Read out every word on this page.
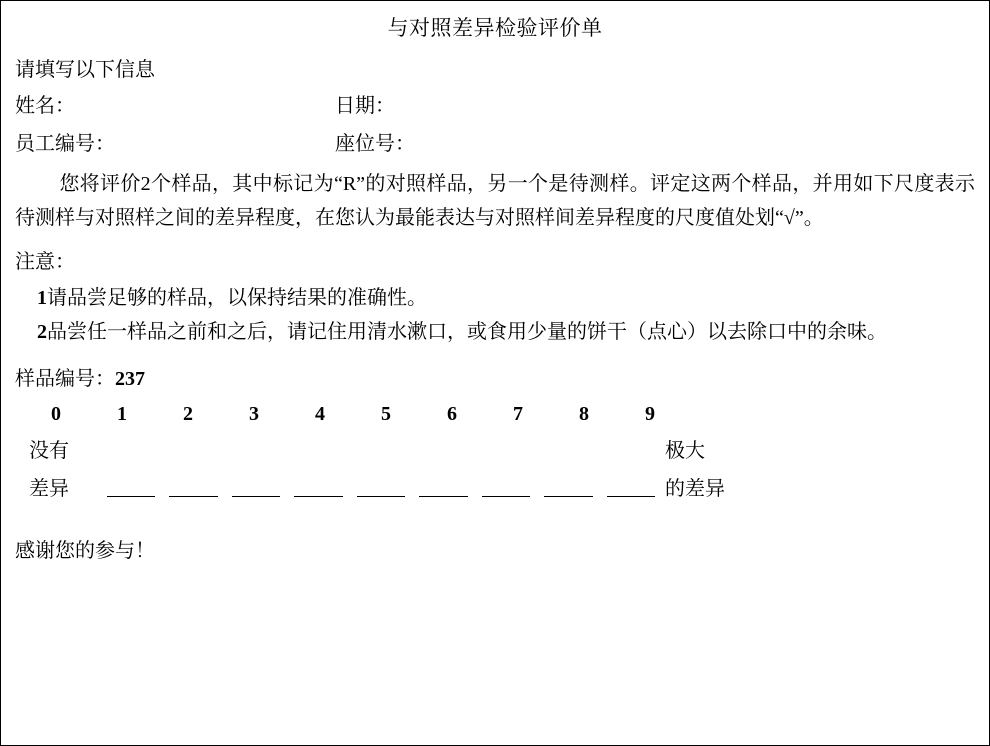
与对照差异检验评价单
请填写以下信息
姓名：	日期：
员工编号：	座位号：
您将评价2个样品，其中标记为“R”的对照样品，另一个是待测样。评定这两个样品，并用如下尺度表示待测样与对照样之间的差异程度，在您认为最能表达与对照样间差异程度的尺度值处划“√”。
注意：
1请品尝足够的样品，以保持结果的准确性。
2品尝任一样品之前和之后，请记住用清水漱口，或食用少量的饼干（点心）以去除口中的余味。
样品编号：237
0	1	2	3	4	5	6	7	8	9
没有	极大
差异	的差异
感谢您的参与！
